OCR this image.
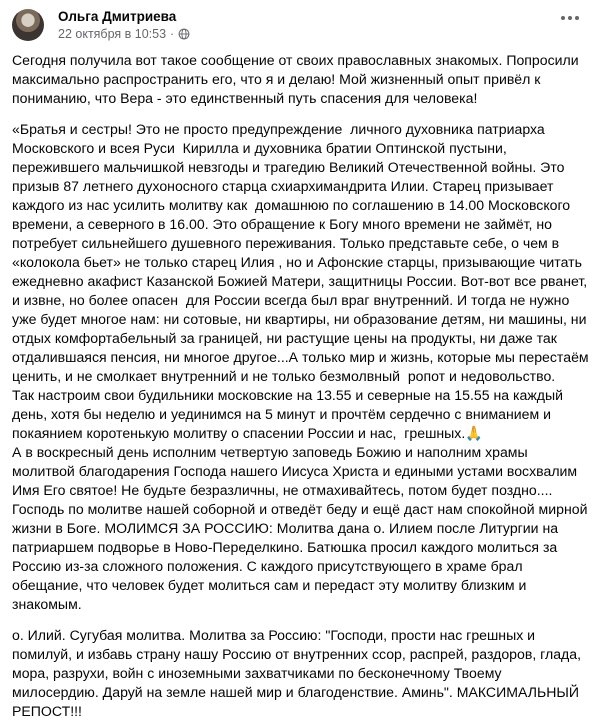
Ольга Дмитриева
22 октября в 10:53 ·

Сегодня получила вот такое сообщение от своих православных знакомых. Попросили максимально распространить его, что я и делаю! Мой жизненный опыт привёл к пониманию, что Вера - это единственный путь спасения для человека!

«Братья и сестры! Это не просто предупреждение  личного духовника патриарха Московского и всея Руси  Кирилла и духовника братии Оптинской пустыни, пережившего мальчишкой невзгоды и трагедию Великий Отечественной войны. Это призыв 87 летнего духоносного старца схиархимандрита Илии. Старец призывает каждого из нас усилить молитву как  домашнюю по соглашению в 14.00 Московского времени, а северного в 16.00. Это обращение к Богу много времени не займёт, но потребует сильнейшего душевного переживания. Только представьте себе, о чем в «колокола бьет» не только старец Илия , но и Афонские старцы, призывающие читать ежедневно акафист Казанской Божией Матери, защитницы России. Вот-вот все рванет, и извне, но более опасен  для России всегда был враг внутренний. И тогда не нужно уже будет многое нам: ни сотовые, ни квартиры, ни образование детям, ни машины, ни отдых комфортабельный за границей, ни растущие цены на продукты, ни даже так отдалившаяся пенсия, ни многое другое...А только мир и жизнь, которые мы перестаём ценить, и не смолкает внутренний и не только безмолвный  ропот и недовольство.
Так настроим свои будильники московские на 13.55 и северные на 15.55 на каждый  день, хотя бы неделю и уединимся на 5 минут и прочтём сердечно с вниманием и покаянием коротенькую молитву о спасении России и нас,  грешных.🙏
А в воскресный день исполним четвертую заповедь Божию и наполним храмы молитвой благодарения Господа нашего Иисуса Христа и едиными устами восхвалим Имя Его святое! Не будьте безразличны, не отмахивайтесь, потом будет поздно....
Господь по молитве нашей соборной и отведёт беду и ещё даст нам спокойной мирной жизни в Боге. МОЛИМСЯ ЗА РОССИЮ: Молитва дана о. Илием после Литургии на патриаршем подворье в Ново-Переделкино. Батюшка просил каждого молиться за Россию из-за сложного положения. С каждого присутствующего в храме брал обещание, что человек будет молиться сам и передаст эту молитву близким и знакомым.

о. Илий. Сугубая молитва. Молитва за Россию: "Господи, прости нас грешных и помилуй, и избавь страну нашу Россию от внутренних ссор, распрей, раздоров, глада, мора, разрухи, войн с иноземными захватчиками по бесконечному Твоему милосердию. Даруй на земле нашей мир и благоденствие. Аминь". МАКСИМАЛЬНЫЙ РЕПОСТ!!!
